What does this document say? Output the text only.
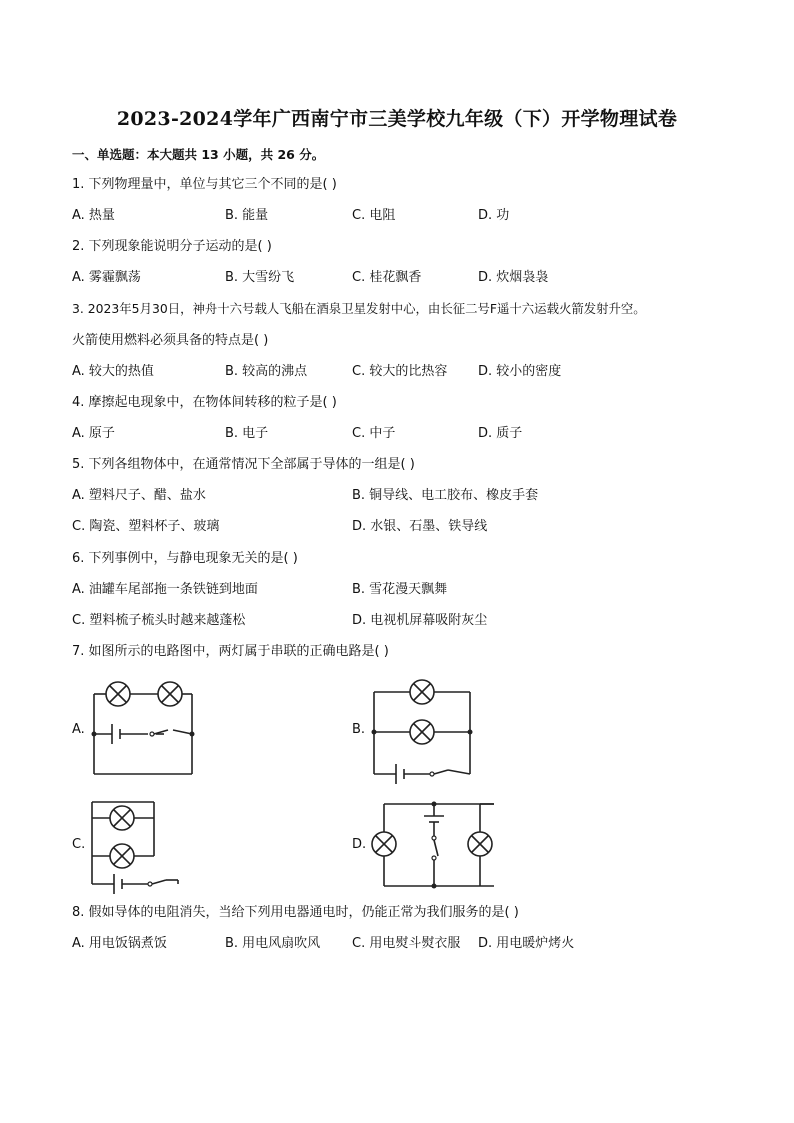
2023-2024学年广西南宁市三美学校九年级（下）开学物理试卷
一、单选题：本大题共 13 小题，共 26 分。
1. 下列物理量中，单位与其它三个不同的是( )
A. 热量	B. 能量	C. 电阻	D. 功
2. 下列现象能说明分子运动的是( )
A. 雾霾飘荡	B. 大雪纷飞	C. 桂花飘香	D. 炊烟袅袅
3. 2023年5月30日，神舟十六号载人飞船在酒泉卫星发射中心，由长征二号F遥十六运载火箭发射升空。
火箭使用燃料必须具备的特点是( )
A. 较大的热值	B. 较高的沸点	C. 较大的比热容 D. 较小的密度
4. 摩擦起电现象中，在物体间转移的粒子是( )
A. 原子	B. 电子	C. 中子	D. 质子
5. 下列各组物体中，在通常情况下全部属于导体的一组是( )
A. 塑料尺子、醋、盐水	B. 铜导线、电工胶布、橡皮手套
C. 陶瓷、塑料杯子、玻璃	D. 水银、石墨、铁导线
6. 下列事例中，与静电现象无关的是( )
A. 油罐车尾部拖一条铁链到地面	B. 雪花漫天飘舞
C. 塑料梳子梳头时越来越蓬松	D. 电视机屏幕吸附灰尘
7. 如图所示的电路图中，两灯属于串联的正确电路是( )
A.	B.
C.	D.
8. 假如导体的电阻消失，当给下列用电器通电时，仍能正常为我们服务的是( )
A. 用电饭锅煮饭	B. 用电风扇吹风 C. 用电熨斗熨衣服 D. 用电暖炉烤火
